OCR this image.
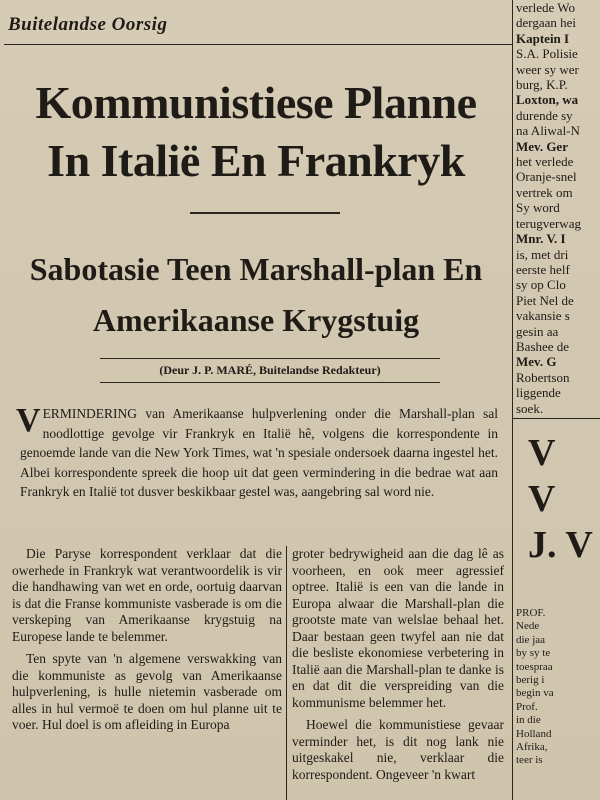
Buitelandse Oorsig
Kommunistiese Planne
In Italië En Frankryk
Sabotasie Teen Marshall-plan En
Amerikaanse Krygstuig
(Deur J. P. MARÉ, Buitelandse Redakteur)
V ERMINDERING van Amerikaanse hulpverlening onder die Marshall-plan sal noodlottige gevolge vir Frankryk en Italië hê, volgens die korrespondente in genoemde lande van die New York Times, wat 'n spesiale ondersoek daarna ingestel het. Albei korrespondente spreek die hoop uit dat geen vermindering in die bedrae wat aan Frankryk en Italië tot dusver beskikbaar gestel was, aangebring sal word nie.

Die Paryse korrespondent verklaar dat die owerhede in Frankryk wat verantwoordelik is vir die handhawing van wet en orde, oortuig daarvan is dat die Franse kommuniste vasberade is om die verskeping van Amerikaanse krygstuig na Europese lande te belemmer.

Ten spyte van 'n algemene verswakking van die kommuniste as gevolg van Amerikaanse hulpverlening, is hulle nietemin vasberade om alles in hul vermoë te doen om hul planne uit te voer. Hul doel is om afleiding in Europa

groter bedrywigheid aan die dag lê as voorheen, en ook meer agressief optree. Italië is een van die lande in Europa alwaar die Marshall-plan die grootste mate van welslae behaal het. Daar bestaan geen twyfel aan nie dat die besliste ekonomiese verbetering in Italië aan die Marshall-plan te danke is en dat dit die verspreiding van die kommunisme belemmer het.

Hoewel die kommunistiese gevaar verminder het, is dit nog lank nie uitgeskakel nie, verklaar die korrespondent. Ongeveer 'n kwart

verlede Wo
dergaan hei
Kaptein I
S.A. Polisie
weer sy wer
burg, K.P.
Loxton, wa
durende sy
na Aliwal-N
Mev. Ger
het verlede
Oranje-snel
vertrek om
Sy word
terugverwag
Mnr. V. I
is, met dri
eerste helf
sy op Clo
Piet Nel de
vakansie s
gesin aa
Bashee de
Mev. G
Robertson
liggende
soek.
V
V
J. V
PROF.
Nede
die jaa
by sy te
toespraa
berig i
begin va
Prof.
in die
Holland
Afrika,
teer is
